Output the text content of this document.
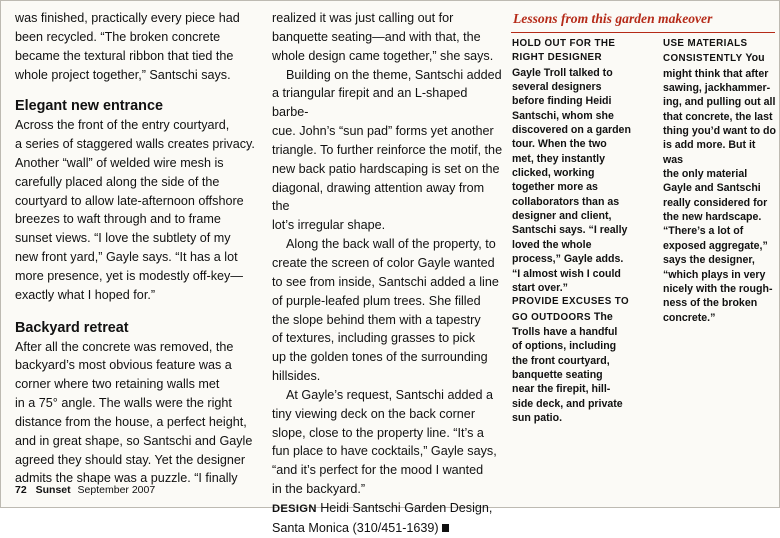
was finished, practically every piece had

been recycled. “The broken concrete

became the textural ribbon that tied the

whole project together,” Santschi says.

Elegant new entrance

Across the front of the entry courtyard,

a series of staggered walls creates privacy.

Another “wall” of welded wire mesh is

carefully placed along the side of the

courtyard to allow late-afternoon offshore

breezes to waft through and to frame

sunset views. “I love the subtlety of my

new front yard,” Gayle says. “It has a lot

more presence, yet is modestly off-key—

exactly what I hoped for.”

Backyard retreat

After all the concrete was removed, the

backyard’s most obvious feature was a

corner where two retaining walls met

in a 75° angle. The walls were the right

distance from the house, a perfect height,

and in great shape, so Santschi and Gayle

agreed they should stay. Yet the designer

admits the shape was a puzzle. “I finally

realized it was just calling out for

banquette seating—and with that, the

whole design came together,” she says.

Building on the theme, Santschi added

a triangular firepit and an L-shaped barbe-

cue. John’s “sun pad” forms yet another

triangle. To further reinforce the motif, the

new back patio hardscaping is set on the

diagonal, drawing attention away from the

lot’s irregular shape.

Along the back wall of the property, to

create the screen of color Gayle wanted

to see from inside, Santschi added a line

of purple-leafed plum trees. She filled

the slope behind them with a tapestry

of textures, including grasses to pick

up the golden tones of the surrounding

hillsides.

At Gayle’s request, Santschi added a

tiny viewing deck on the back corner

slope, close to the property line. “It’s a

fun place to have cocktails,” Gayle says,

“and it’s perfect for the mood I wanted

in the backyard.”

DESIGN Heidi Santschi Garden Design,

Santa Monica (310/451-1639)

Lessons from this garden makeover

HOLD OUT FOR THE

RIGHT DESIGNER

Gayle Troll talked to

several designers

before finding Heidi

Santschi, whom she

discovered on a garden

tour. When the two

met, they instantly

clicked, working

together more as

collaborators than as

designer and client,

Santschi says. “I really

loved the whole

process,” Gayle adds.

“I almost wish I could

start over.”

PROVIDE EXCUSES TO

GO OUTDOORS The

Trolls have a handful

of options, including

the front courtyard,

banquette seating

near the firepit, hill-

side deck, and private

sun patio.

USE MATERIALS

CONSISTENTLY You

might think that after

sawing, jackhammer-

ing, and pulling out all

that concrete, the last

thing you’d want to do

is add more. But it was

the only material

Gayle and Santschi

really considered for

the new hardscape.

“There’s a lot of

exposed aggregate,”

says the designer,

“which plays in very

nicely with the rough-

ness of the broken

concrete.”

72 Sunset September 2007
